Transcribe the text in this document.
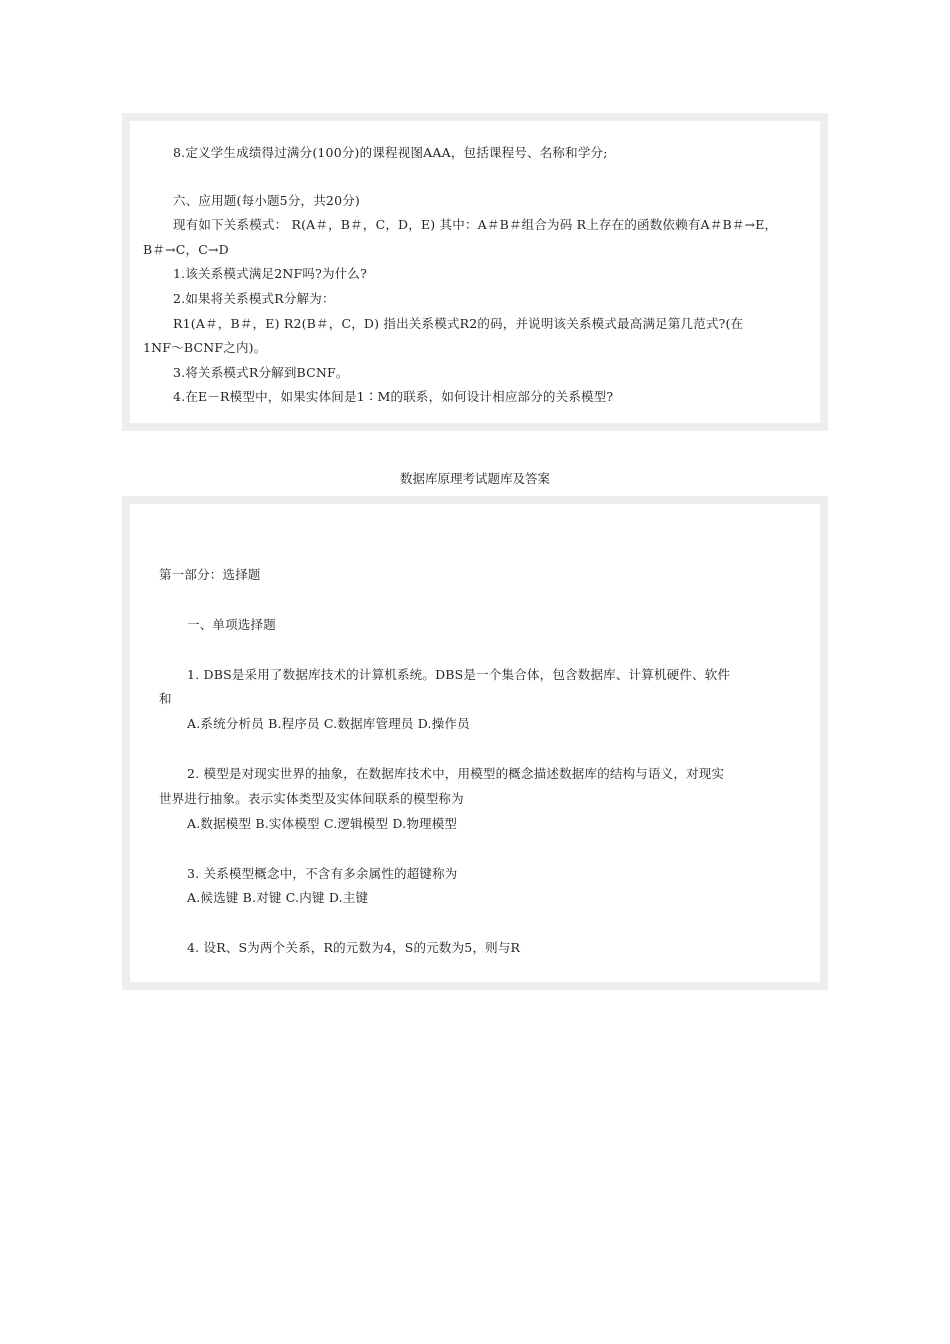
8.定义学生成绩得过满分(100分)的课程视图AAA，包括课程号、名称和学分;
六、应用题(每小题5分，共20分)
现有如下关系模式： R(A＃，B＃，C，D，E) 其中：A＃B＃组合为码 R上存在的函数依赖有A＃B＃→E，
B＃→C，C→D
1.该关系模式满足2NF吗?为什么?
2.如果将关系模式R分解为：
R1(A＃，B＃，E) R2(B＃，C，D) 指出关系模式R2的码，并说明该关系模式最高满足第几范式?(在
1NF～BCNF之内)。
3.将关系模式R分解到BCNF。
4.在E－R模型中，如果实体间是1∶M的联系，如何设计相应部分的关系模型?
数据库原理考试题库及答案
第一部分：选择题
一、单项选择题
1. DBS是采用了数据库技术的计算机系统。DBS是一个集合体，包含数据库、计算机硬件、软件
和
A.系统分析员 B.程序员 C.数据库管理员 D.操作员
2. 模型是对现实世界的抽象，在数据库技术中，用模型的概念描述数据库的结构与语义，对现实
世界进行抽象。表示实体类型及实体间联系的模型称为
A.数据模型 B.实体模型 C.逻辑模型 D.物理模型
3. 关系模型概念中，不含有多余属性的超键称为
A.候选键 B.对键 C.内键 D.主键
4. 设R、S为两个关系，R的元数为4，S的元数为5，则与R
